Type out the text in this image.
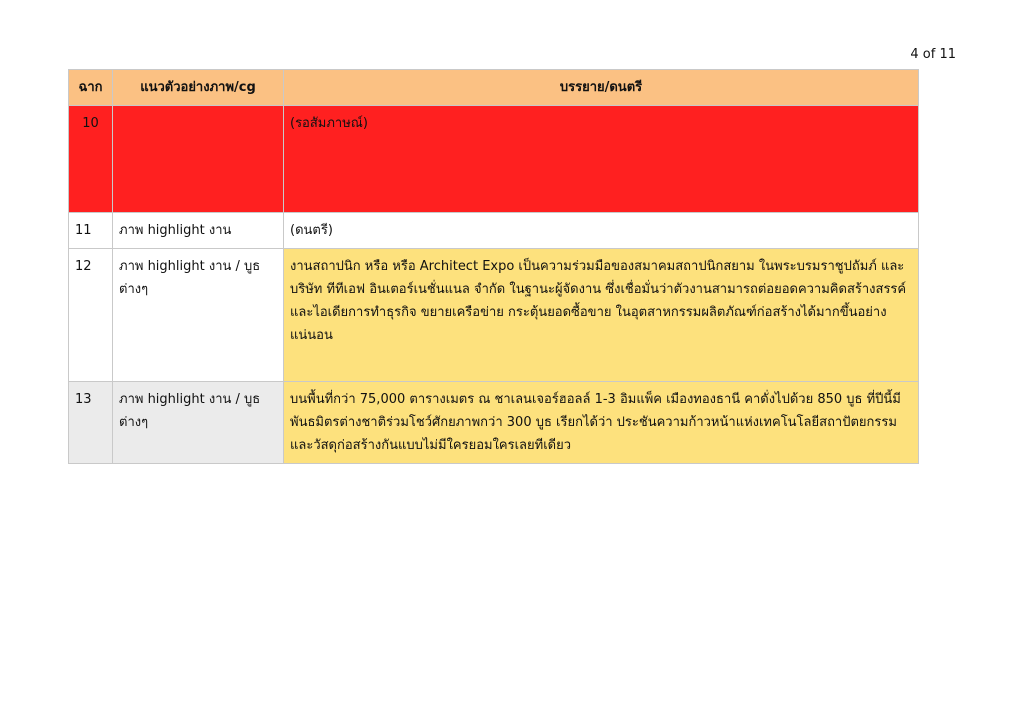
4 of 11
ฉาก	แนวตัวอย่างภาพ/cg	บรรยาย/ดนตรี
10		(รอสัมภาษณ์)
11	ภาพ highlight งาน	(ดนตรี)
12	ภาพ highlight งาน / บูธต่างๆ	งานสถาปนิก หรือ หรือ Architect Expo เป็นความร่วมมือของสมาคมสถาปนิกสยาม ในพระบรมราชูปถัมภ์ และบริษัท ทีทีเอฟ อินเตอร์เนชั่นแนล จำกัด ในฐานะผู้จัดงาน ซึ่งเชื่อมั่นว่าตัวงานสามารถต่อยอดความคิดสร้างสรรค์และไอเดียการทำธุรกิจ ขยายเครือข่าย กระตุ้นยอดซื้อขาย ในอุตสาหกรรมผลิตภัณฑ์ก่อสร้างได้มากขึ้นอย่างแน่นอน
13	ภาพ highlight งาน / บูธต่างๆ	บนพื้นที่กว่า 75,000 ตารางเมตร ณ ชาเลนเจอร์ฮอลล์ 1-3 อิมแพ็ค เมืองทองธานี คาดั่งไปด้วย 850 บูธ ที่ปีนี้มีพันธมิตรต่างชาติร่วมโชว์ศักยภาพกว่า 300 บูธ เรียกได้ว่า ประชันความก้าวหน้าแห่งเทคโนโลยีสถาปัตยกรรมและวัสดุก่อสร้างกันแบบไม่มีใครยอมใครเลยทีเดียว
